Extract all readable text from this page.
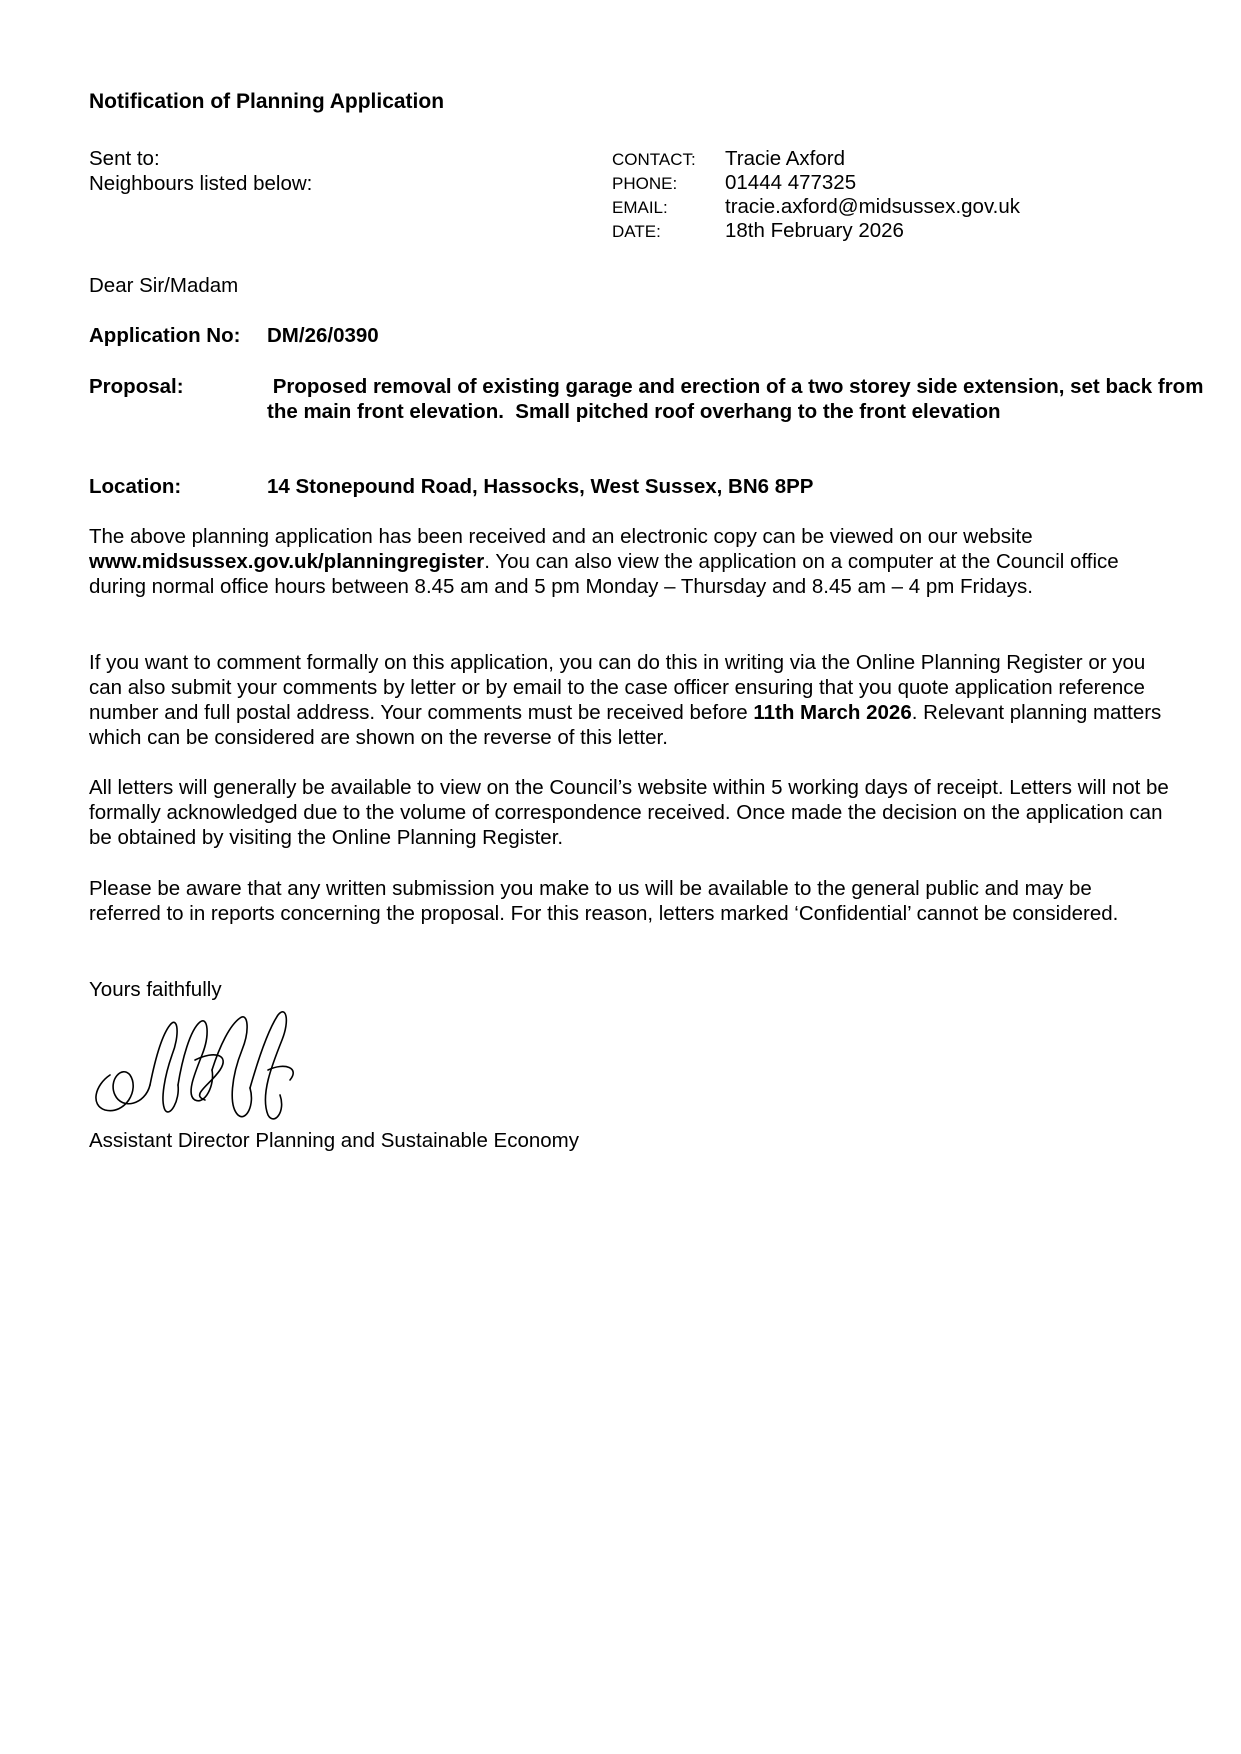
Notification of Planning Application
Sent to:
Neighbours listed below:
CONTACT:	Tracie Axford
PHONE:	01444 477325
EMAIL:	tracie.axford@midsussex.gov.uk
DATE:	18th February 2026
Dear Sir/Madam
Application No:	DM/26/0390
Proposal:	Proposed removal of existing garage and erection of a two storey side extension, set back from the main front elevation.  Small pitched roof overhang to the front elevation
Location:	14 Stonepound Road, Hassocks, West Sussex, BN6 8PP
The above planning application has been received and an electronic copy can be viewed on our website www.midsussex.gov.uk/planningregister. You can also view the application on a computer at the Council office during normal office hours between 8.45 am and 5 pm Monday – Thursday and 8.45 am – 4 pm Fridays.
If you want to comment formally on this application, you can do this in writing via the Online Planning Register or you can also submit your comments by letter or by email to the case officer ensuring that you quote application reference number and full postal address. Your comments must be received before 11th March 2026. Relevant planning matters which can be considered are shown on the reverse of this letter.
All letters will generally be available to view on the Council’s website within 5 working days of receipt. Letters will not be formally acknowledged due to the volume of correspondence received. Once made the decision on the application can be obtained by visiting the Online Planning Register.
Please be aware that any written submission you make to us will be available to the general public and may be referred to in reports concerning the proposal. For this reason, letters marked ‘Confidential’ cannot be considered.
Yours faithfully
Assistant Director Planning and Sustainable Economy
